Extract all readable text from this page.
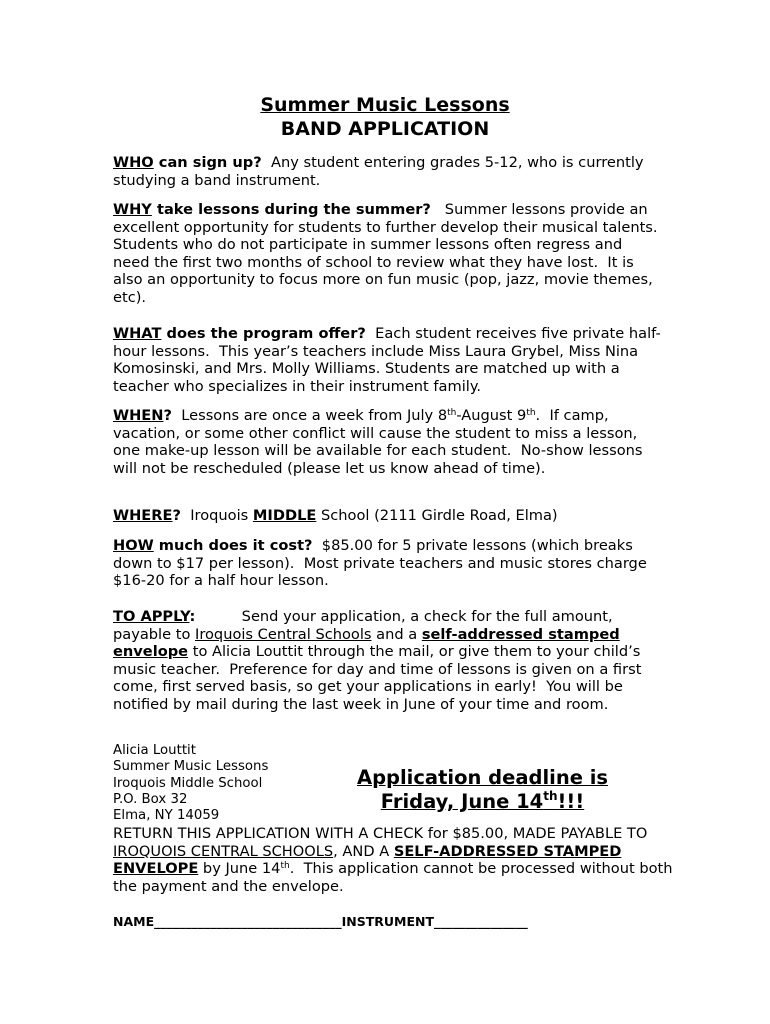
Summer Music Lessons
BAND APPLICATION
WHO can sign up?  Any student entering grades 5-12, who is currently studying a band instrument.
WHY take lessons during the summer?   Summer lessons provide an excellent opportunity for students to further develop their musical talents.  Students who do not participate in summer lessons often regress and need the first two months of school to review what they have lost.  It is also an opportunity to focus more on fun music (pop, jazz, movie themes, etc).
WHAT does the program offer?  Each student receives five private half-hour lessons.  This year’s teachers include Miss Laura Grybel, Miss Nina Komosinski, and Mrs. Molly Williams. Students are matched up with a teacher who specializes in their instrument family.
WHEN?  Lessons are once a week from July 8th-August 9th.  If camp, vacation, or some other conflict will cause the student to miss a lesson, one make-up lesson will be available for each student.  No-show lessons will not be rescheduled (please let us know ahead of time).
WHERE?  Iroquois MIDDLE School (2111 Girdle Road, Elma)
HOW much does it cost?  $85.00 for 5 private lessons (which breaks down to $17 per lesson).  Most private teachers and music stores charge $16-20 for a half hour lesson.
TO APPLY:          Send your application, a check for the full amount, payable to Iroquois Central Schools and a self-addressed stamped envelope to Alicia Louttit through the mail, or give them to your child’s music teacher.  Preference for day and time of lessons is given on a first come, first served basis, so get your applications in early!  You will be notified by mail during the last week in June of your time and room.
Alicia Louttit
Summer Music Lessons
Iroquois Middle School
P.O. Box 32
Elma, NY 14059
RETURN THIS APPLICATION WITH A CHECK for $85.00, MADE PAYABLE TO IROQUOIS CENTRAL SCHOOLS, AND A SELF-ADDRESSED STAMPED ENVELOPE by June 14th.  This application cannot be processed without both the payment and the envelope.
Application deadline is
Friday, June 14th!!!
NAME______________________________INSTRUMENT_______________
